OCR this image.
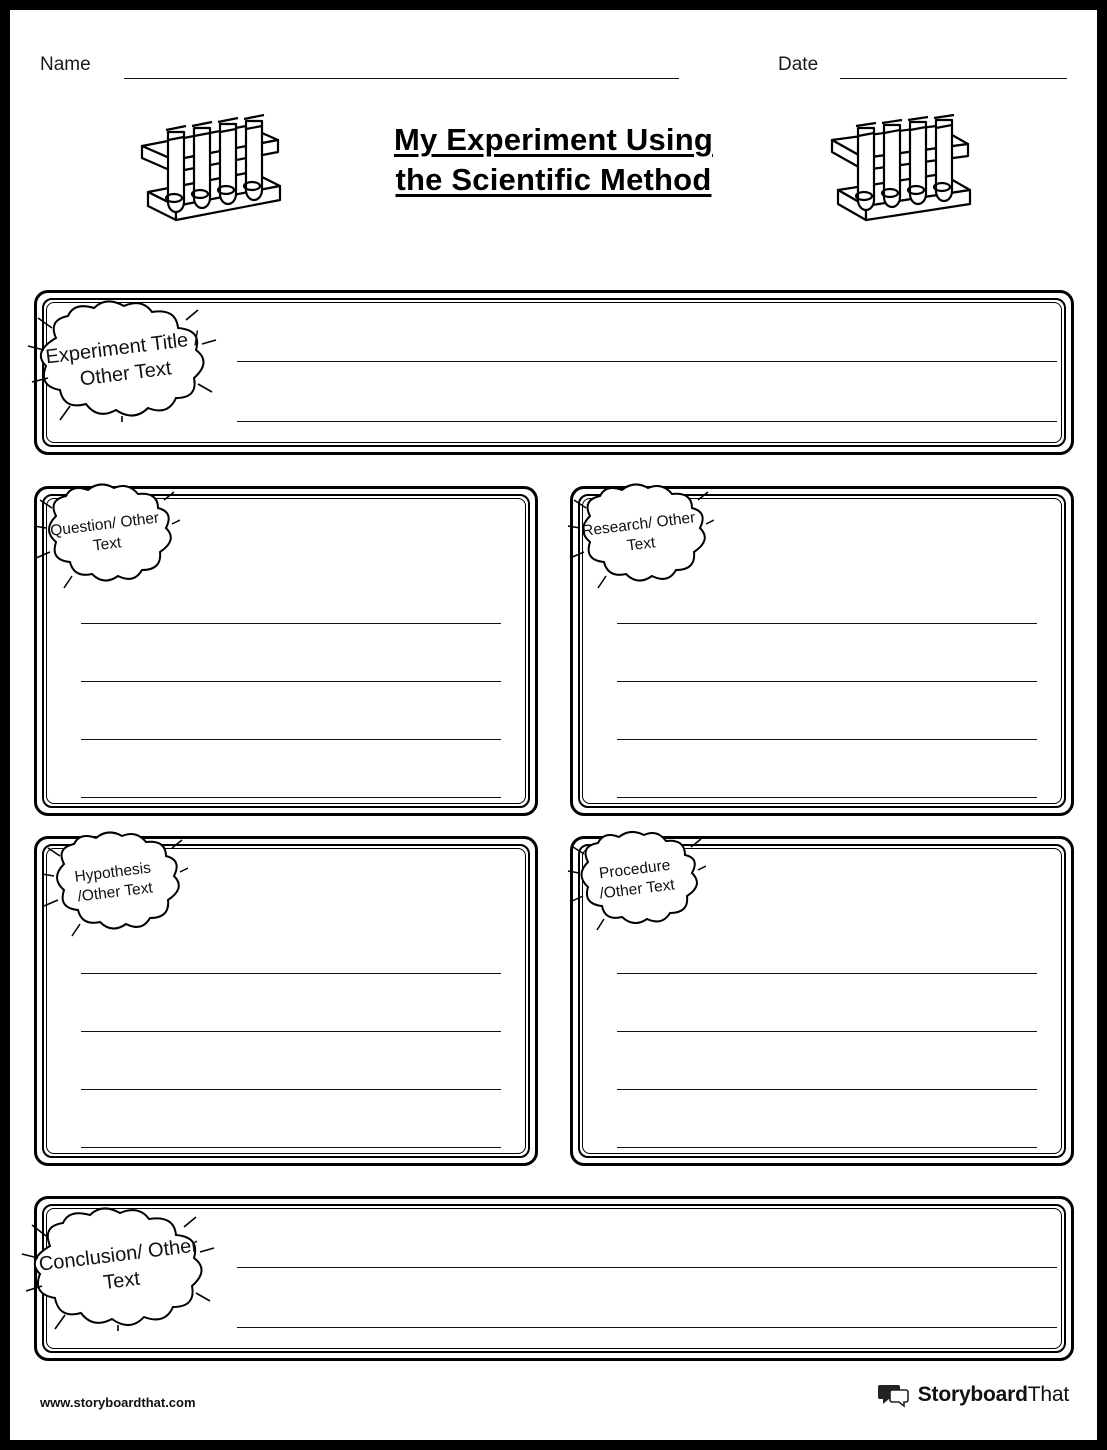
Name	Date
My Experiment Using
the Scientific Method
Experiment Title / Other Text
Question/ Other Text
Research/ Other Text
Hypothesis /Other Text
Procedure /Other Text
Conclusion/ Other Text
www.storyboardthat.com	StoryboardThat
